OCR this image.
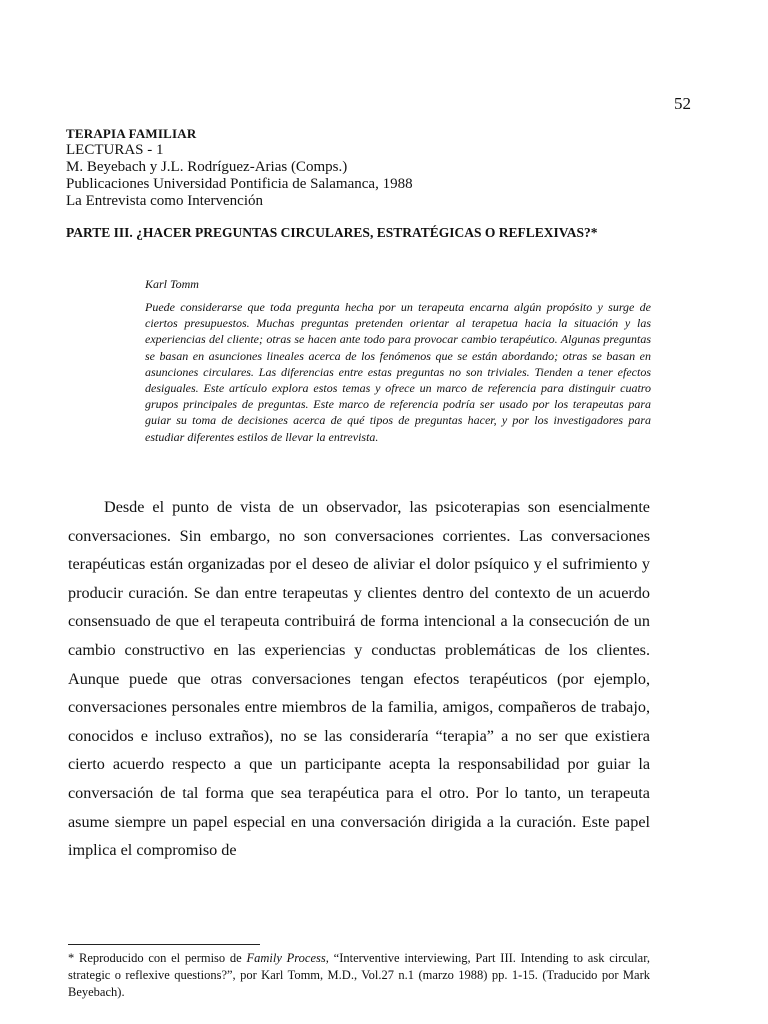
52
TERAPIA FAMILIAR
LECTURAS - 1
M. Beyebach y J.L. Rodríguez-Arias (Comps.)
Publicaciones Universidad Pontificia de Salamanca, 1988
La Entrevista como Intervención
PARTE III. ¿HACER PREGUNTAS CIRCULARES, ESTRATÉGICAS O REFLEXIVAS?*
Karl Tomm
Puede considerarse que toda pregunta hecha por un terapeuta encarna algún propósito y surge de ciertos presupuestos. Muchas preguntas pretenden orientar al terapetua hacia la situación y las experiencias del cliente; otras se hacen ante todo para provocar cambio terapéutico. Algunas preguntas se basan en asunciones lineales acerca de los fenómenos que se están abordando; otras se basan en asunciones circulares. Las diferencias entre estas preguntas no son triviales. Tienden a tener efectos desiguales. Este artículo explora estos temas y ofrece un marco de referencia para distinguir cuatro grupos principales de preguntas. Este marco de referencia podría ser usado por los terapeutas para guiar su toma de decisiones acerca de qué tipos de preguntas hacer, y por los investigadores para estudiar diferentes estilos de llevar la entrevista.

Desde el punto de vista de un observador, las psicoterapias son esencialmente conversaciones. Sin embargo, no son conversaciones corrientes. Las conversaciones terapéuticas están organizadas por el deseo de aliviar el dolor psíquico y el sufrimiento y producir curación. Se dan entre terapeutas y clientes dentro del contexto de un acuerdo consensuado de que el terapeuta contribuirá de forma intencional a la consecución de un cambio constructivo en las experiencias y conductas problemáticas de los clientes. Aunque puede que otras conversaciones tengan efectos terapéuticos (por ejemplo, conversaciones personales entre miembros de la familia, amigos, compañeros de trabajo, conocidos e incluso extraños), no se las consideraría “terapia” a no ser que existiera cierto acuerdo respecto a que un participante acepta la responsabilidad por guiar la conversación de tal forma que sea terapéutica para el otro. Por lo tanto, un terapeuta asume siempre un papel especial en una conversación dirigida a la curación. Este papel implica el compromiso de

* Reproducido con el permiso de Family Process, “Interventive interviewing, Part III. Intending to ask circular, strategic o reflexive questions?”, por Karl Tomm, M.D., Vol.27 n.1 (marzo 1988) pp. 1-15. (Traducido por Mark Beyebach).
